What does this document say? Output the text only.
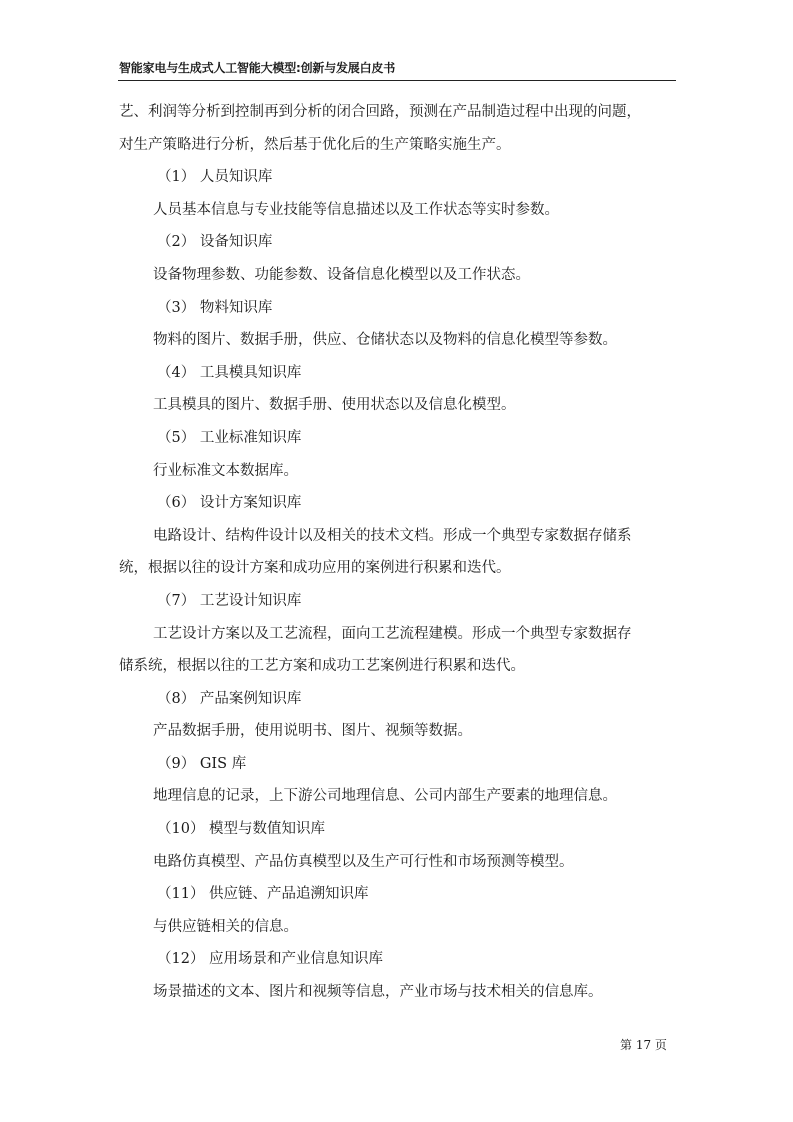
智能家电与生成式人工智能大模型:创新与发展白皮书

艺、利润等分析到控制再到分析的闭合回路，预测在产品制造过程中出现的问题，

对生产策略进行分析，然后基于优化后的生产策略实施生产。

（1） 人员知识库

人员基本信息与专业技能等信息描述以及工作状态等实时参数。

（2） 设备知识库

设备物理参数、功能参数、设备信息化模型以及工作状态。

（3） 物料知识库

物料的图片、数据手册，供应、仓储状态以及物料的信息化模型等参数。

（4） 工具模具知识库

工具模具的图片、数据手册、使用状态以及信息化模型。

（5） 工业标准知识库

行业标准文本数据库。

（6） 设计方案知识库

电路设计、结构件设计以及相关的技术文档。形成一个典型专家数据存储系

统，根据以往的设计方案和成功应用的案例进行积累和迭代。

（7） 工艺设计知识库

工艺设计方案以及工艺流程，面向工艺流程建模。形成一个典型专家数据存

储系统，根据以往的工艺方案和成功工艺案例进行积累和迭代。

（8） 产品案例知识库

产品数据手册，使用说明书、图片、视频等数据。

（9） GIS 库

地理信息的记录，上下游公司地理信息、公司内部生产要素的地理信息。

（10） 模型与数值知识库

电路仿真模型、产品仿真模型以及生产可行性和市场预测等模型。

（11） 供应链、产品追溯知识库

与供应链相关的信息。

（12） 应用场景和产业信息知识库

场景描述的文本、图片和视频等信息，产业市场与技术相关的信息库。

第 17 页
